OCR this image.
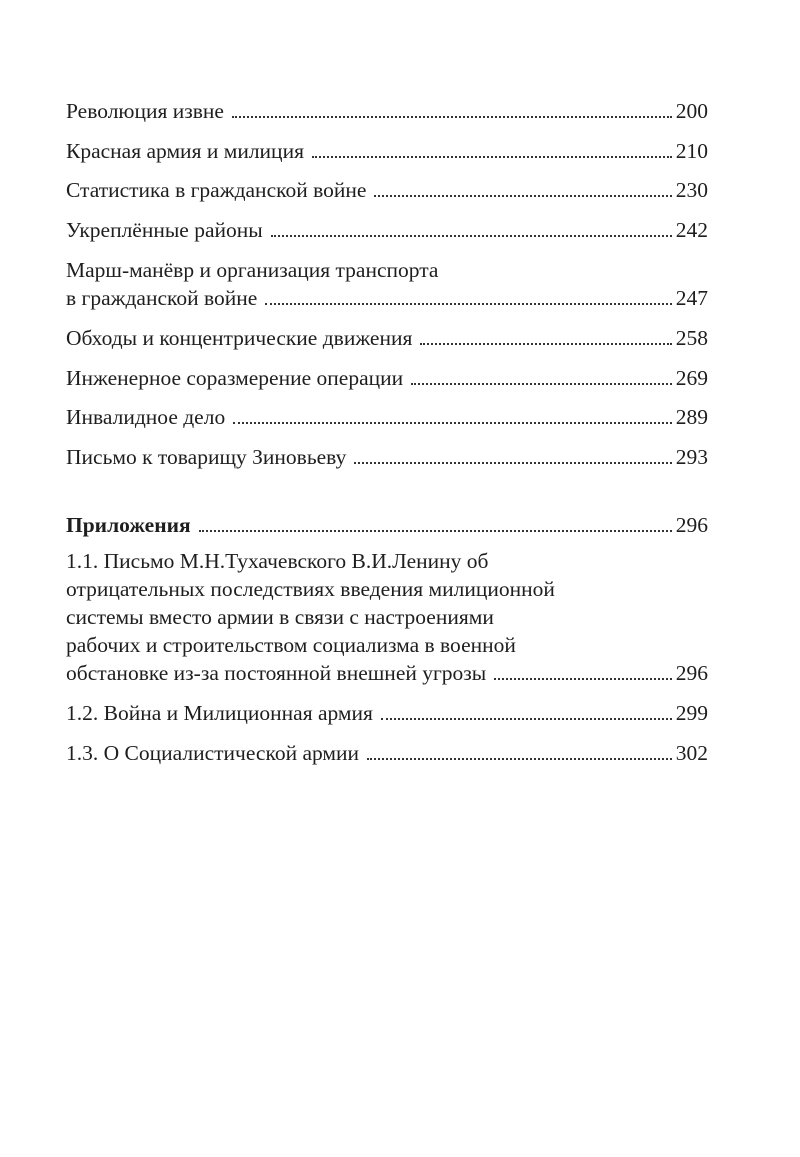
Революция извне	200
Красная армия и милиция	210
Статистика в гражданской войне	230
Укреплённые районы	242
Марш-манёвр и организация транспорта
в гражданской войне	247
Обходы и концентрические движения	258
Инженерное соразмерение операции	269
Инвалидное дело	289
Письмо к товарищу Зиновьеву	293
Приложения	296
1.1. Письмо М.Н.Тухачевского В.И.Ленину об
отрицательных последствиях введения милиционной
системы вместо армии в связи с настроениями
рабочих и строительством социализма в военной
обстановке из-за постоянной внешней угрозы	296
1.2. Война и Милиционная армия	299
1.3. О Социалистической армии	302
